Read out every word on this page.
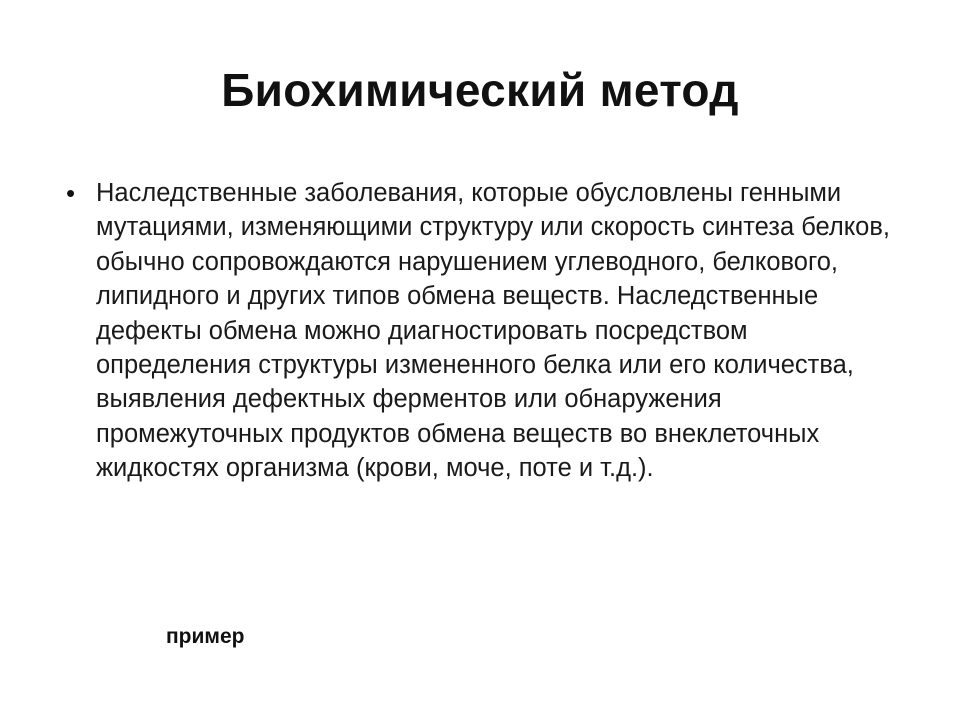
Биохимический метод
• Наследственные заболевания, которые обусловлены генными мутациями, изменяющими структуру или скорость синтеза белков, обычно сопровождаются нарушением углеводного, белкового, липидного и других типов обмена веществ. Наследственные дефекты обмена можно диагностировать посредством определения структуры измененного белка или его количества, выявления дефектных ферментов или обнаружения промежуточных продуктов обмена веществ во внеклеточных жидкостях организма (крови, моче, поте и т.д.).
пример
